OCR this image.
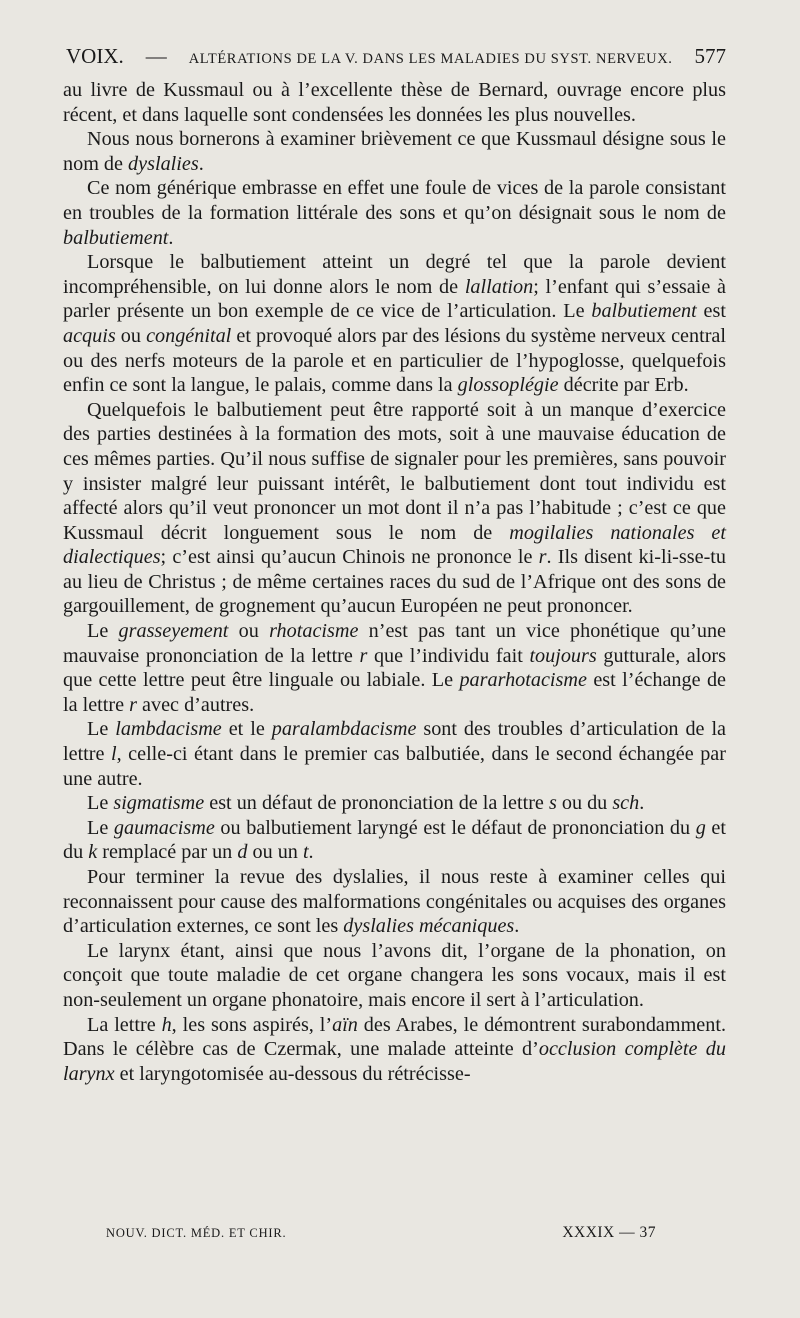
VOIX. — ALTÉRATIONS DE LA V. DANS LES MALADIES DU SYST. NERVEUX. 577

au livre de Kussmaul ou à l’excellente thèse de Bernard, ouvrage encore plus récent, et dans laquelle sont condensées les données les plus nouvelles.

Nous nous bornerons à examiner brièvement ce que Kussmaul désigne sous le nom de dyslalies.

Ce nom générique embrasse en effet une foule de vices de la parole consistant en troubles de la formation littérale des sons et qu’on désignait sous le nom de balbutiement.

Lorsque le balbutiement atteint un degré tel que la parole devient incompréhensible, on lui donne alors le nom de lallation; l’enfant qui s’essaie à parler présente un bon exemple de ce vice de l’articulation. Le balbutiement est acquis ou congénital et provoqué alors par des lésions du système nerveux central ou des nerfs moteurs de la parole et en particulier de l’hypoglosse, quelquefois enfin ce sont la langue, le palais, comme dans la glossoplégie décrite par Erb.

Quelquefois le balbutiement peut être rapporté soit à un manque d’exercice des parties destinées à la formation des mots, soit à une mauvaise éducation de ces mêmes parties. Qu’il nous suffise de signaler pour les premières, sans pouvoir y insister malgré leur puissant intérêt, le balbutiement dont tout individu est affecté alors qu’il veut prononcer un mot dont il n’a pas l’habitude ; c’est ce que Kussmaul décrit longuement sous le nom de mogilalies nationales et dialectiques; c’est ainsi qu’aucun Chinois ne prononce le r. Ils disent ki-li-sse-tu au lieu de Christus ; de même certaines races du sud de l’Afrique ont des sons de gargouillement, de grognement qu’aucun Européen ne peut prononcer.

Le grasseyement ou rhotacisme n’est pas tant un vice phonétique qu’une mauvaise prononciation de la lettre r que l’individu fait toujours gutturale, alors que cette lettre peut être linguale ou labiale. Le pararhotacisme est l’échange de la lettre r avec d’autres.

Le lambdacisme et le paralambdacisme sont des troubles d’articulation de la lettre l, celle-ci étant dans le premier cas balbutiée, dans le second échangée par une autre.

Le sigmatisme est un défaut de prononciation de la lettre s ou du sch.

Le gaumacisme ou balbutiement laryngé est le défaut de prononciation du g et du k remplacé par un d ou un t.

Pour terminer la revue des dyslalies, il nous reste à examiner celles qui reconnaissent pour cause des malformations congénitales ou acquises des organes d’articulation externes, ce sont les dyslalies mécaniques.

Le larynx étant, ainsi que nous l’avons dit, l’organe de la phonation, on conçoit que toute maladie de cet organe changera les sons vocaux, mais il est non-seulement un organe phonatoire, mais encore il sert à l’articulation.

La lettre h, les sons aspirés, l’aïn des Arabes, le démontrent surabondamment. Dans le célèbre cas de Czermak, une malade atteinte d’occlusion complète du larynx et laryngotomisée au-dessous du rétrécisse-

NOUV. DICT. MÉD. ET CHIR.	XXXIX — 37
